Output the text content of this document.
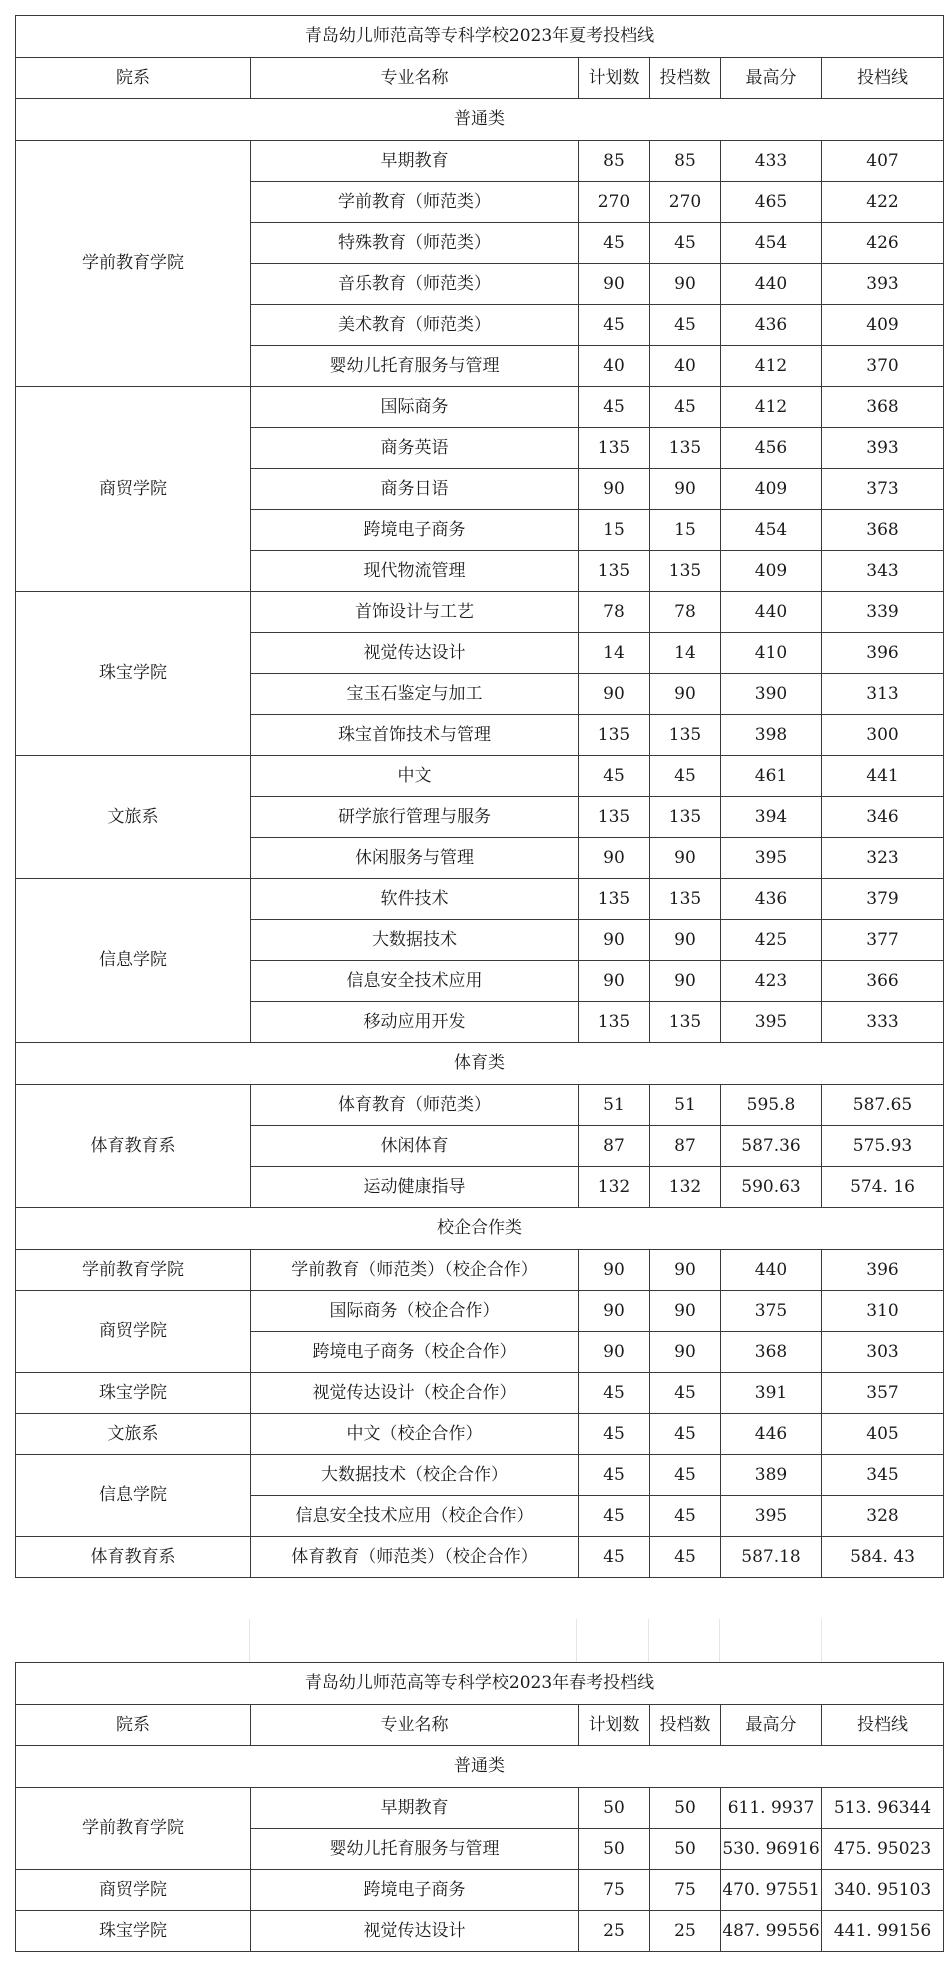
青岛幼儿师范高等专科学校2023年夏考投档线					
院系	专业名称	计划数	投档数	最高分	投档线
普通类					
学前教育学院	早期教育	85	85	433	407
	学前教育（师范类）	270	270	465	422
	特殊教育（师范类）	45	45	454	426
	音乐教育（师范类）	90	90	440	393
	美术教育（师范类）	45	45	436	409
	婴幼儿托育服务与管理	40	40	412	370
商贸学院	国际商务	45	45	412	368
	商务英语	135	135	456	393
	商务日语	90	90	409	373
	跨境电子商务	15	15	454	368
	现代物流管理	135	135	409	343
珠宝学院	首饰设计与工艺	78	78	440	339
	视觉传达设计	14	14	410	396
	宝玉石鉴定与加工	90	90	390	313
	珠宝首饰技术与管理	135	135	398	300
文旅系	中文	45	45	461	441
	研学旅行管理与服务	135	135	394	346
	休闲服务与管理	90	90	395	323
信息学院	软件技术	135	135	436	379
	大数据技术	90	90	425	377
	信息安全技术应用	90	90	423	366
	移动应用开发	135	135	395	333
体育类					
体育教育系	体育教育（师范类）	51	51	595.8	587.65
	休闲体育	87	87	587.36	575.93
	运动健康指导	132	132	590.63	574. 16
校企合作类					
学前教育学院	学前教育（师范类）（校企合作）	90	90	440	396
商贸学院	国际商务（校企合作）	90	90	375	310
	跨境电子商务（校企合作）	90	90	368	303
珠宝学院	视觉传达设计（校企合作）	45	45	391	357
文旅系	中文（校企合作）	45	45	446	405
信息学院	大数据技术（校企合作）	45	45	389	345
	信息安全技术应用（校企合作）	45	45	395	328
体育教育系	体育教育（师范类）（校企合作）	45	45	587.18	584. 43
青岛幼儿师范高等专科学校2023年春考投档线					
院系	专业名称	计划数	投档数	最高分	投档线
普通类					
学前教育学院	早期教育	50	50	611. 9937	513. 96344
	婴幼儿托育服务与管理	50	50	530. 96916	475. 95023
商贸学院	跨境电子商务	75	75	470. 97551	340. 95103
珠宝学院	视觉传达设计	25	25	487. 99556	441. 99156
